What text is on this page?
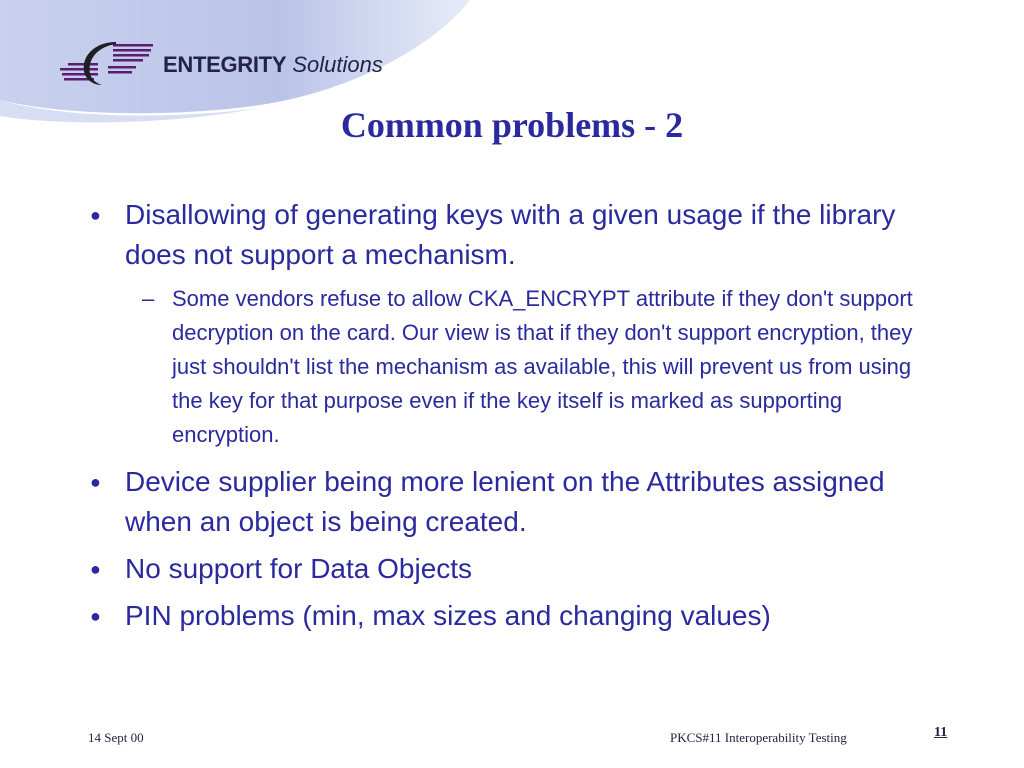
ENTEGRITY Solutions
Common problems - 2
● Disallowing of generating keys with a given usage if the library does not support a mechanism.
– Some vendors refuse to allow CKA_ENCRYPT attribute if they don't support decryption on the card. Our view is that if they don't support encryption, they just shouldn't list the mechanism as available, this will prevent us from using the key for that purpose even if the key itself is marked as supporting encryption.
● Device supplier being more lenient on the Attributes assigned when an object is being created.
● No support for Data Objects
● PIN problems (min, max sizes and changing values)
14 Sept 00	PKCS#11 Interoperability Testing	11
